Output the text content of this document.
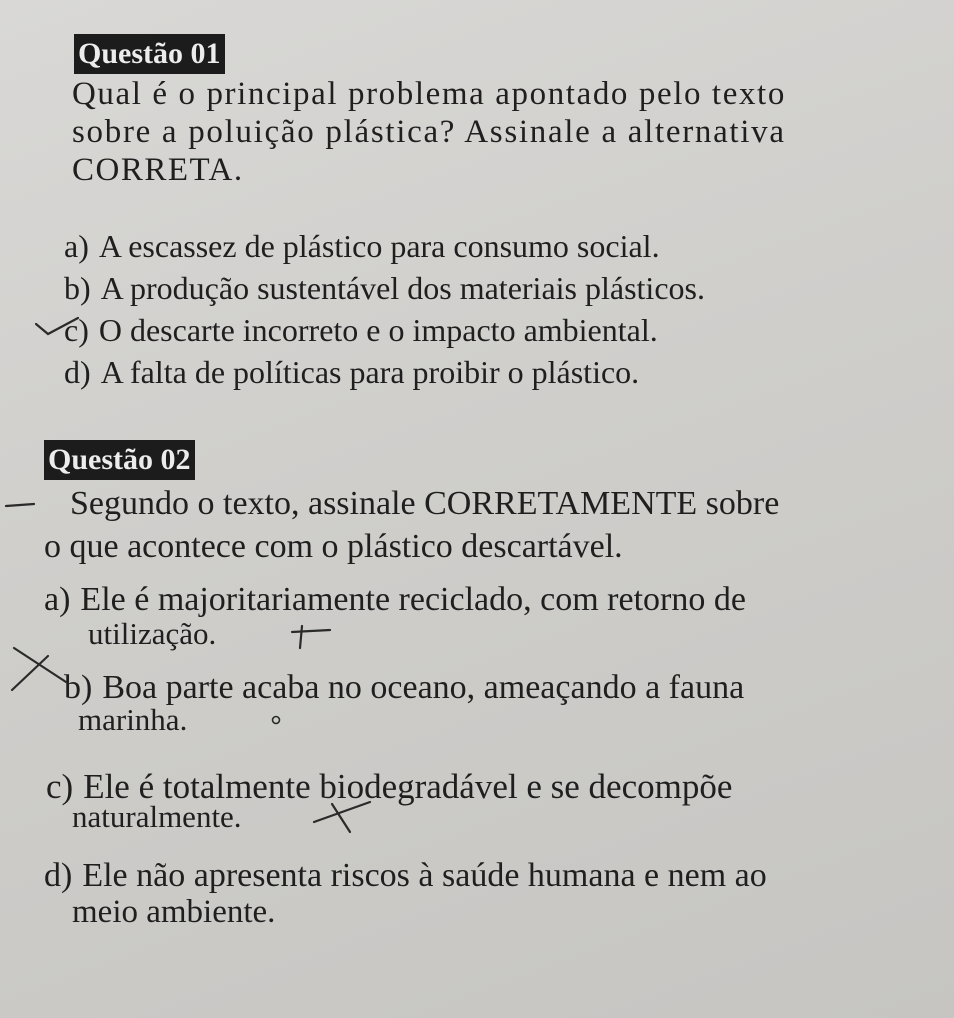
Questão 01
Qual é o principal problema apontado pelo texto
sobre a poluição plástica? Assinale a alternativa
CORRETA.
a) A escassez de plástico para consumo social.
b) A produção sustentável dos materiais plásticos.
c) O descarte incorreto e o impacto ambiental.
d) A falta de políticas para proibir o plástico.
Questão 02
Segundo o texto, assinale CORRETAMENTE sobre
o que acontece com o plástico descartável.
a) Ele é majoritariamente reciclado, com retorno de
utilização.
b) Boa parte acaba no oceano, ameaçando a fauna
marinha.
c) Ele é totalmente biodegradável e se decompõe
naturalmente.
d) Ele não apresenta riscos à saúde humana e nem ao
meio ambiente.
